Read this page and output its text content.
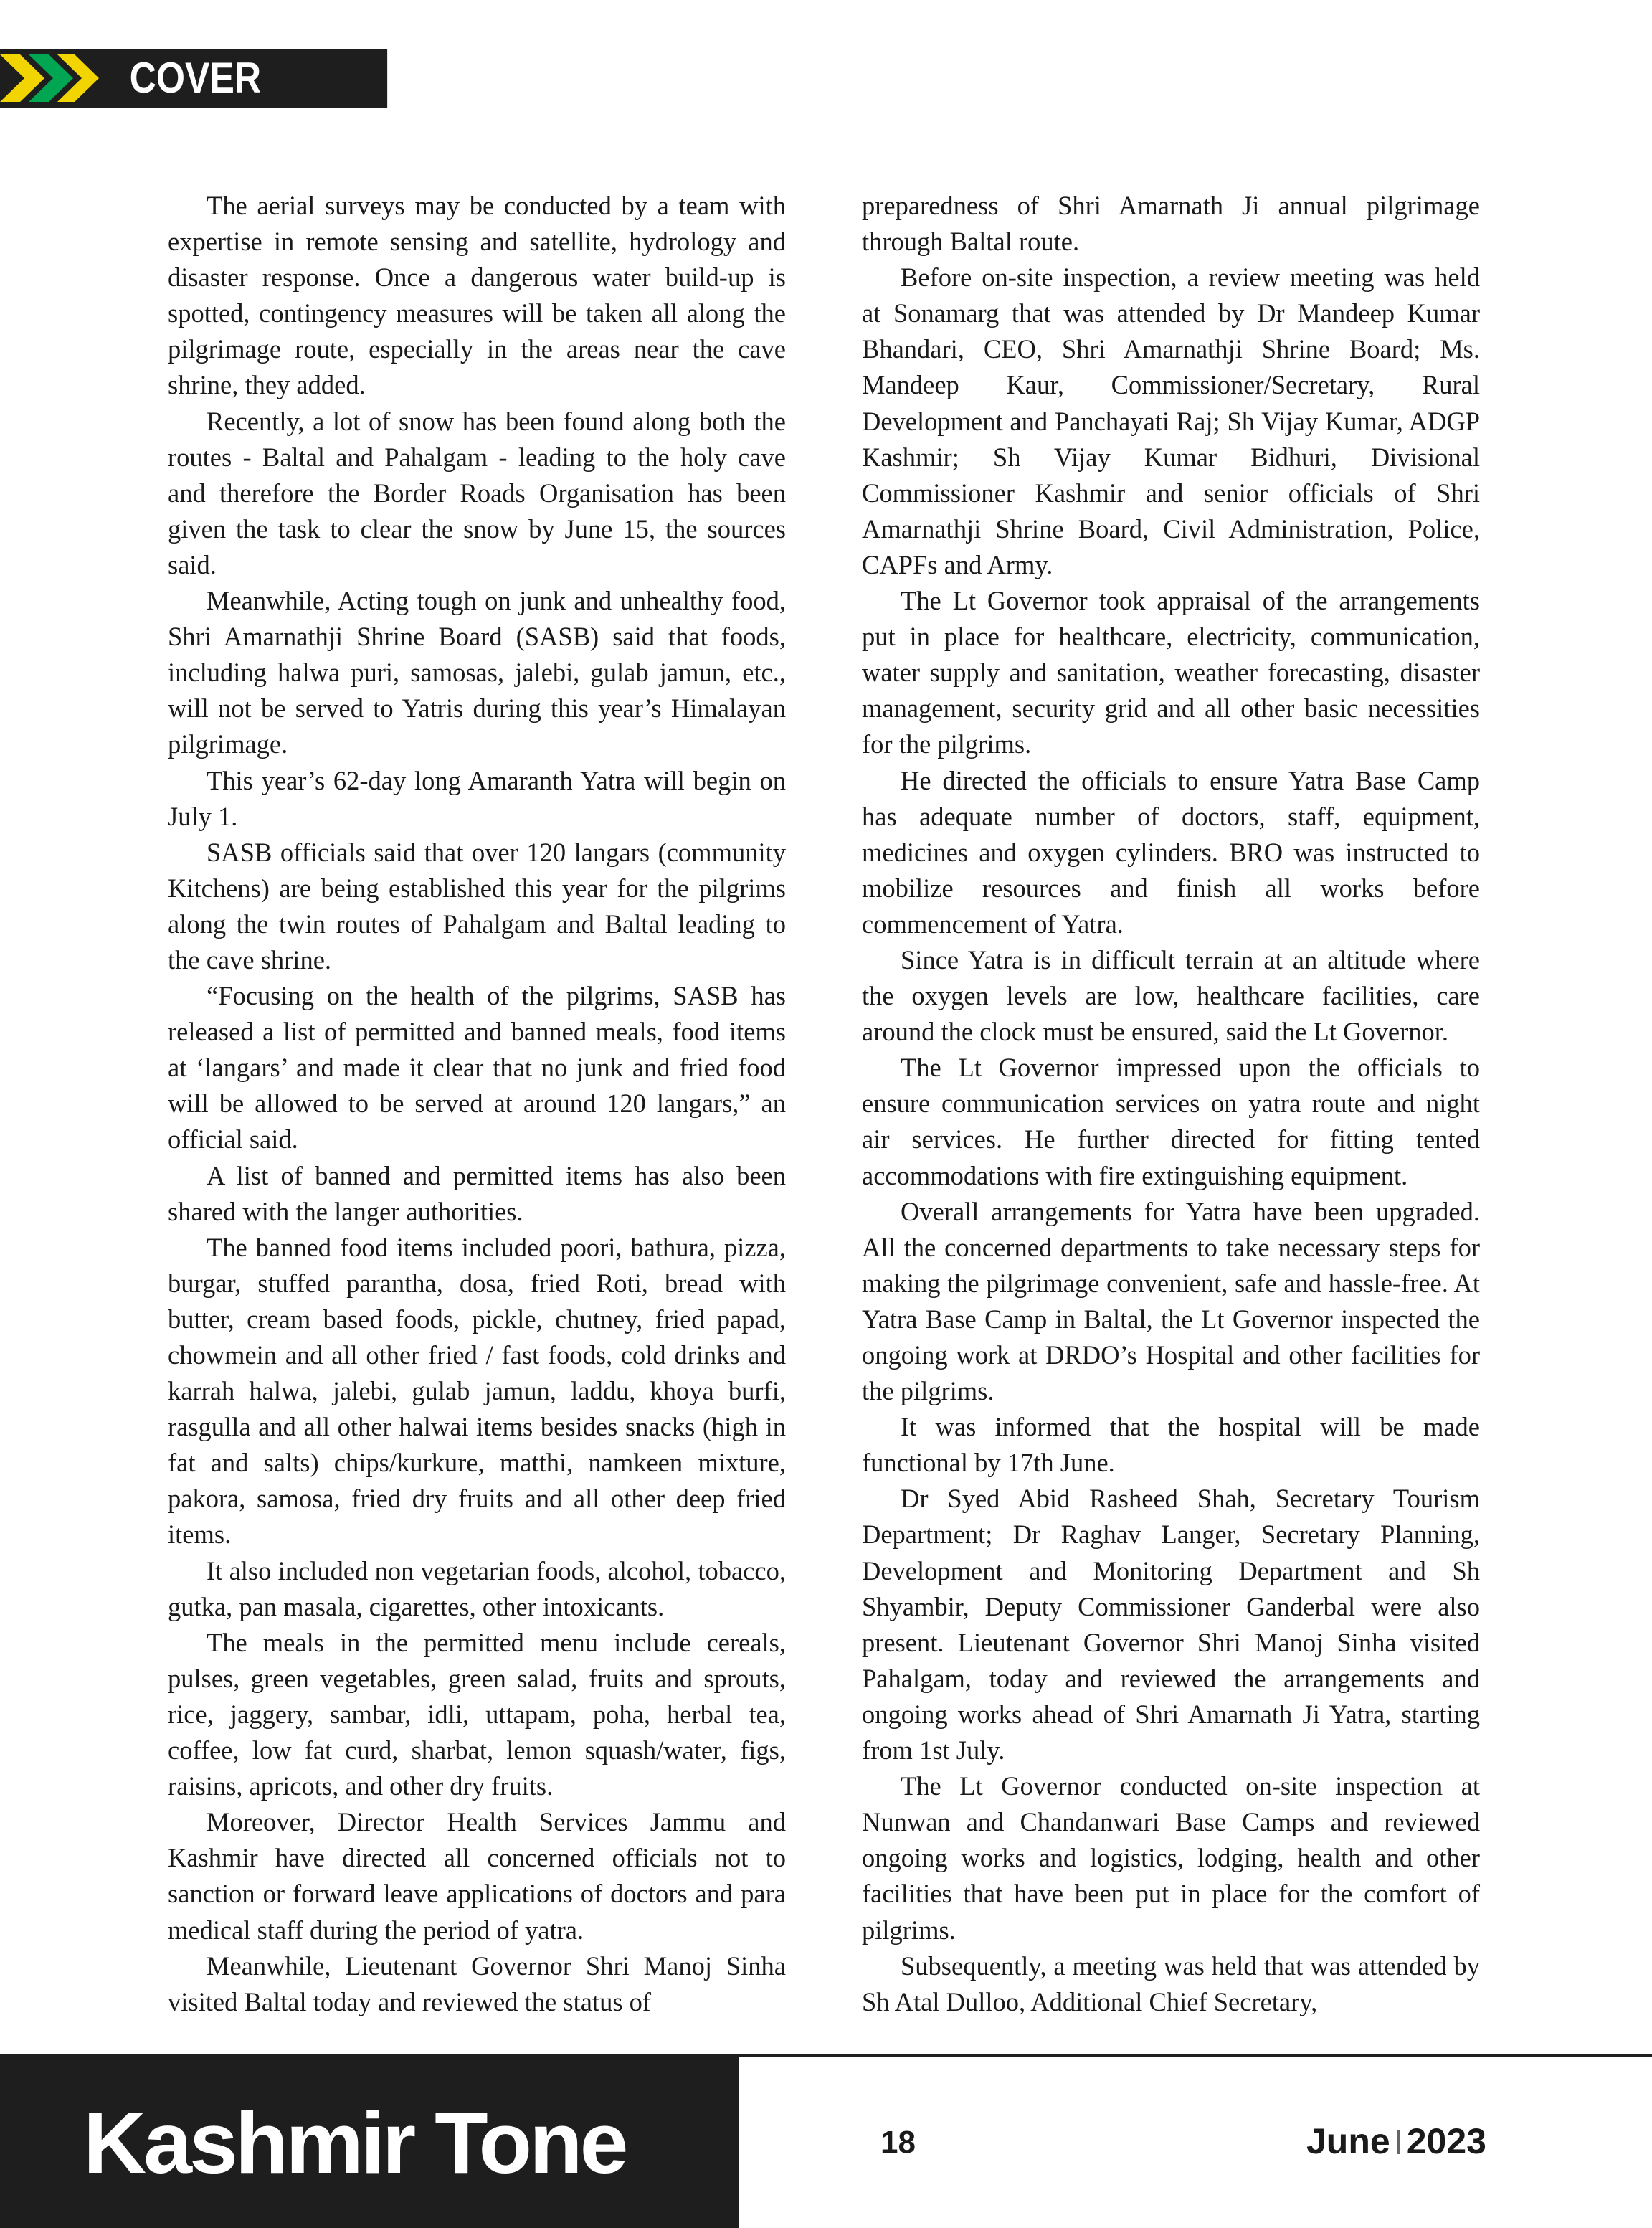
COVER STORY

The aerial surveys may be conducted by a team with expertise in remote sensing and satellite, hydrology and disaster response. Once a dangerous water build-up is spotted, contingency measures will be taken all along the pilgrimage route, especially in the areas near the cave shrine, they added.

Recently, a lot of snow has been found along both the routes - Baltal and Pahalgam - leading to the holy cave and therefore the Border Roads Organisation has been given the task to clear the snow by June 15, the sources said.

Meanwhile, Acting tough on junk and unhealthy food, Shri Amarnathji Shrine Board (SASB) said that foods, including halwa puri, samosas, jalebi, gulab jamun, etc., will not be served to Yatris during this year’s Himalayan pilgrimage.

This year’s 62-day long Amaranth Yatra will begin on July 1.

SASB officials said that over 120 langars (community Kitchens) are being established this year for the pilgrims along the twin routes of Pahalgam and Baltal leading to the cave shrine.

“Focusing on the health of the pilgrims, SASB has released a list of permitted and banned meals, food items at ‘langars’ and made it clear that no junk and fried food will be allowed to be served at around 120 langars,” an official said.

A list of banned and permitted items has also been shared with the langer authorities.

The banned food items included poori, bathura, pizza, burgar, stuffed parantha, dosa, fried Roti, bread with butter, cream based foods, pickle, chutney, fried papad, chowmein and all other fried / fast foods, cold drinks and karrah halwa, jalebi, gulab jamun, laddu, khoya burfi, rasgulla and all other halwai items besides snacks (high in fat and salts) chips/kurkure, matthi, namkeen mixture, pakora, samosa, fried dry fruits and all other deep fried items.

It also included non vegetarian foods, alcohol, tobacco, gutka, pan masala, cigarettes, other intoxicants.

The meals in the permitted menu include cereals, pulses, green vegetables, green salad, fruits and sprouts, rice, jaggery, sambar, idli, uttapam, poha, herbal tea, coffee, low fat curd, sharbat, lemon squash/water, figs, raisins, apricots, and other dry fruits.

Moreover, Director Health Services Jammu and Kashmir have directed all concerned officials not to sanction or forward leave applications of doctors and para medical staff during the period of yatra.

Meanwhile, Lieutenant Governor Shri Manoj Sinha visited Baltal today and reviewed the status of

preparedness of Shri Amarnath Ji annual pilgrimage through Baltal route.

Before on-site inspection, a review meeting was held at Sonamarg that was attended by Dr Mandeep Kumar Bhandari, CEO, Shri Amarnathji Shrine Board; Ms. Mandeep Kaur, Commissioner/Secretary, Rural Development and Panchayati Raj; Sh Vijay Kumar, ADGP Kashmir; Sh Vijay Kumar Bidhuri, Divisional Commissioner Kashmir and senior officials of Shri Amarnathji Shrine Board, Civil Administration, Police, CAPFs and Army.

The Lt Governor took appraisal of the arrangements put in place for healthcare, electricity, communication, water supply and sanitation, weather forecasting, disaster management, security grid and all other basic necessities for the pilgrims.

He directed the officials to ensure Yatra Base Camp has adequate number of doctors, staff, equipment, medicines and oxygen cylinders. BRO was instructed to mobilize resources and finish all works before commencement of Yatra.

Since Yatra is in difficult terrain at an altitude where the oxygen levels are low, healthcare facilities, care around the clock must be ensured, said the Lt Governor.

The Lt Governor impressed upon the officials to ensure communication services on yatra route and night air services. He further directed for fitting tented accommodations with fire extinguishing equipment.

Overall arrangements for Yatra have been upgraded. All the concerned departments to take necessary steps for making the pilgrimage convenient, safe and hassle-free. At Yatra Base Camp in Baltal, the Lt Governor inspected the ongoing work at DRDO’s Hospital and other facilities for the pilgrims.

It was informed that the hospital will be made functional by 17th June.

Dr Syed Abid Rasheed Shah, Secretary Tourism Department; Dr Raghav Langer, Secretary Planning, Development and Monitoring Department and Sh Shyambir, Deputy Commissioner Ganderbal were also present. Lieutenant Governor Shri Manoj Sinha visited Pahalgam, today and reviewed the arrangements and ongoing works ahead of Shri Amarnath Ji Yatra, starting from 1st July.

The Lt Governor conducted on-site inspection at Nunwan and Chandanwari Base Camps and reviewed ongoing works and logistics, lodging, health and other facilities that have been put in place for the comfort of pilgrims.

Subsequently, a meeting was held that was attended by Sh Atal Dulloo, Additional Chief Secretary,

Kashmir Tone	18	June 2023
